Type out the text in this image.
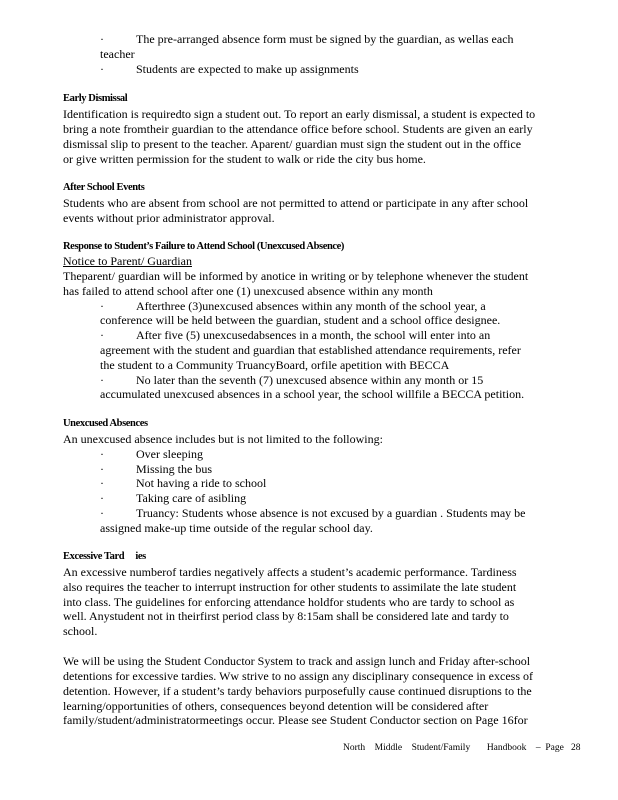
·	The pre-arranged absence form must be signed by the guardian, as wellas each
teacher
·	Students are expected to make up assignments
Early Dismissal
Identification is requiredto sign a student out. To report an early dismissal, a student is expected to
bring a note fromtheir guardian to the attendance office before school. Students are given an early
dismissal slip to present to the teacher. Aparent/ guardian must sign the student out in the office
or give written permission for the student to walk or ride the city bus home.
After School Events
Students who are absent from school are not permitted to attend or participate in any after school
events without prior administrator approval.
Response to Student’s Failure to Attend School (Unexcused Absence)
Notice to Parent/ Guardian
Theparent/ guardian will be informed by anotice in writing or by telephone whenever the student
has failed to attend school after one (1) unexcused absence within any month
·	Afterthree (3)unexcused absences within any month of the school year, a
conference will be held between the guardian, student and a school office designee.
·	After five (5) unexcusedabsences in a month, the school will enter into an
agreement with the student and guardian that established attendance requirements, refer
the student to a Community TruancyBoard, orfile apetition with BECCA
·	No later than the seventh (7) unexcused absence within any month or 15
accumulated unexcused absences in a school year, the school willfile a BECCA petition.
Unexcused Absences
An unexcused absence includes but is not limited to the following:
·	Over sleeping
·	Missing the bus
·	Not having a ride to school
·	Taking care of asibling
·	Truancy: Students whose absence is not excused by a guardian . Students may be
assigned make-up time outside of the regular school day.
Excessive Tard     ies
An excessive numberof tardies negatively affects a student’s academic performance. Tardiness
also requires the teacher to interrupt instruction for other students to assimilate the late student
into class. The guidelines for enforcing attendance holdfor students who are tardy to school as
well. Anystudent not in theirfirst period class by 8:15am shall be considered late and tardy to
school.
We will be using the Student Conductor System to track and assign lunch and Friday after-school
detentions for excessive tardies. Ww strive to no assign any disciplinary consequence in excess of
detention. However, if a student’s tardy behaviors purposefully cause continued disruptions to the
learning/opportunities of others, consequences beyond detention will be considered after
family/student/administratormeetings occur. Please see Student Conductor section on Page 16for
North    Middle    Student/Family       Handbook    –  Page   28
